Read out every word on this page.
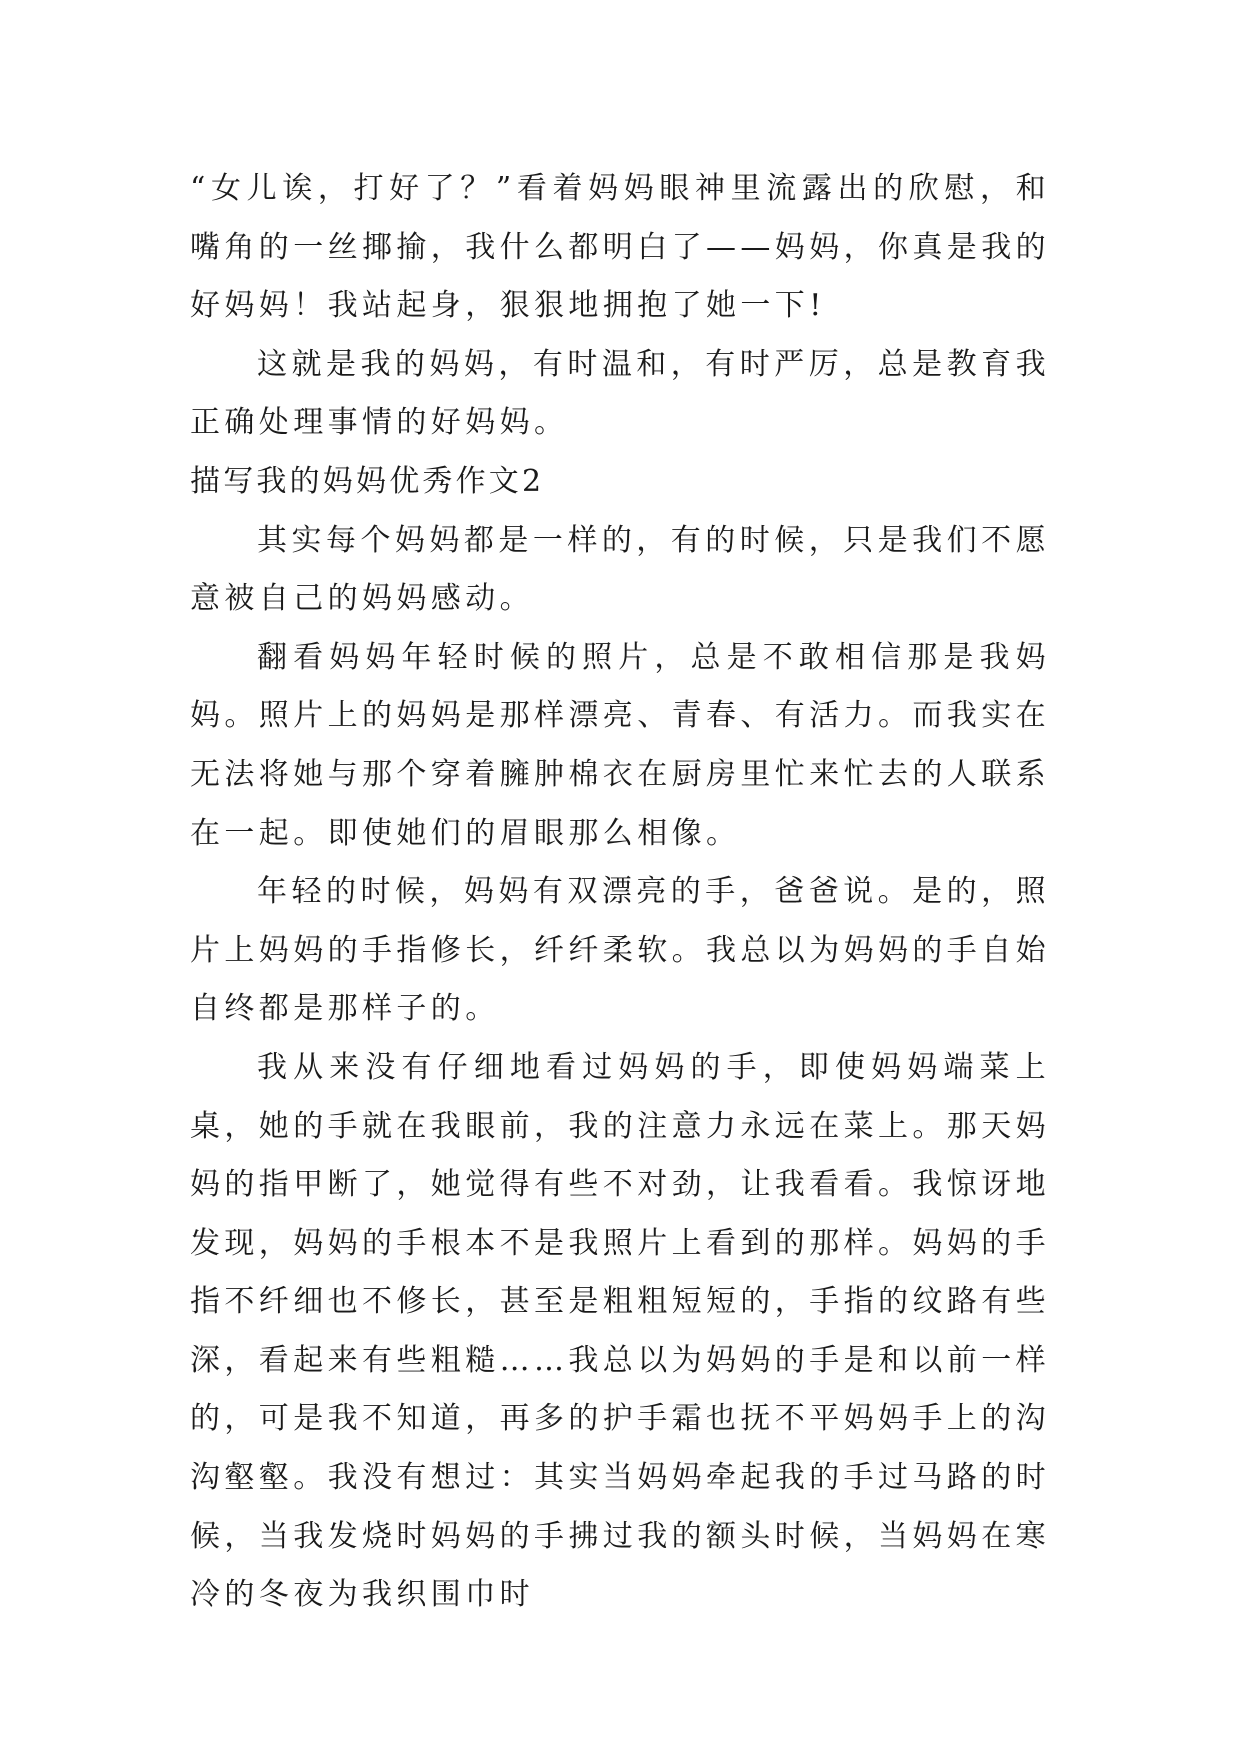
“女儿诶，打好了？”看着妈妈眼神里流露出的欣慰，和嘴角的一丝揶揄，我什么都明白了——妈妈，你真是我的好妈妈！我站起身，狠狠地拥抱了她一下!

这就是我的妈妈，有时温和，有时严厉，总是教育我正确处理事情的好妈妈。

描写我的妈妈优秀作文2

其实每个妈妈都是一样的，有的时候，只是我们不愿意被自己的妈妈感动。

翻看妈妈年轻时候的照片，总是不敢相信那是我妈妈。照片上的妈妈是那样漂亮、青春、有活力。而我实在无法将她与那个穿着臃肿棉衣在厨房里忙来忙去的人联系在一起。即使她们的眉眼那么相像。

年轻的时候，妈妈有双漂亮的手，爸爸说。是的，照片上妈妈的手指修长，纤纤柔软。我总以为妈妈的手自始自终都是那样子的。

我从来没有仔细地看过妈妈的手，即使妈妈端菜上桌，她的手就在我眼前，我的注意力永远在菜上。那天妈妈的指甲断了，她觉得有些不对劲，让我看看。我惊讶地发现，妈妈的手根本不是我照片上看到的那样。妈妈的手指不纤细也不修长，甚至是粗粗短短的，手指的纹路有些深，看起来有些粗糙……我总以为妈妈的手是和以前一样的，可是我不知道，再多的护手霜也抚不平妈妈手上的沟沟壑壑。我没有想过：其实当妈妈牵起我的手过马路的时候，当我发烧时妈妈的手拂过我的额头时候，当妈妈在寒冷的冬夜为我织围巾时
